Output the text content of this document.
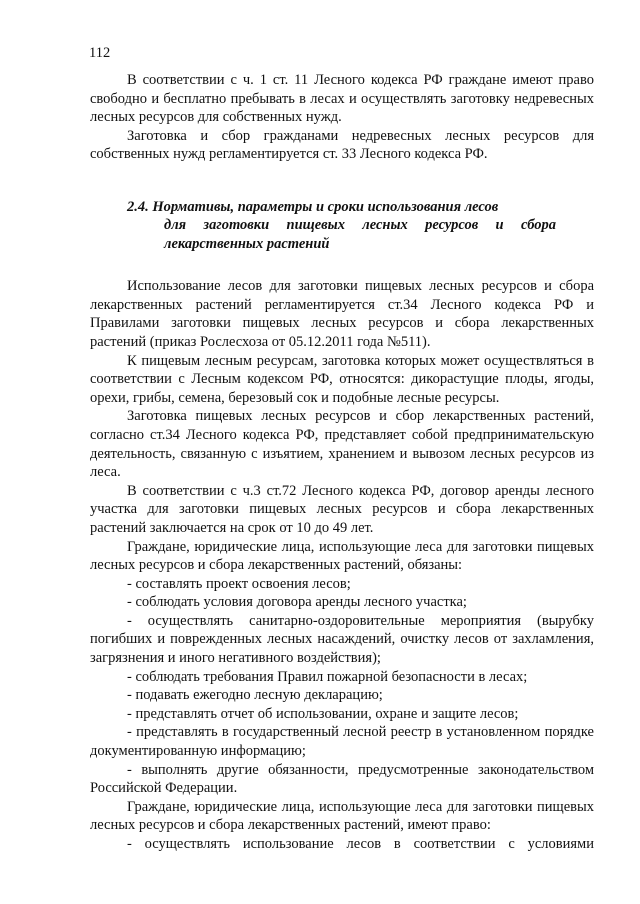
112

В соответствии с ч. 1 ст. 11 Лесного кодекса РФ граждане имеют право свободно и бесплатно пребывать в лесах и осуществлять заготовку недревесных лесных ресурсов для собственных нужд.

Заготовка и сбор гражданами недревесных лесных ресурсов для собственных нужд регламентируется ст. 33 Лесного кодекса РФ.

2.4. Нормативы, параметры и сроки использования лесов
для заготовки пищевых лесных ресурсов и сбора
лекарственных растений

Использование лесов для заготовки пищевых лесных ресурсов и сбора лекарственных растений регламентируется ст.34 Лесного кодекса РФ и Правилами заготовки пищевых лесных ресурсов и сбора лекарственных растений (приказ Рослесхоза от 05.12.2011 года №511).

К пищевым лесным ресурсам, заготовка которых может осуществляться в соответствии с Лесным кодексом РФ, относятся: дикорастущие плоды, ягоды, орехи, грибы, семена, березовый сок и подобные лесные ресурсы.

Заготовка пищевых лесных ресурсов и сбор лекарственных растений, согласно ст.34 Лесного кодекса РФ, представляет собой предпринимательскую деятельность, связанную с изъятием, хранением и вывозом лесных ресурсов из леса.

В соответствии с ч.3 ст.72 Лесного кодекса РФ, договор аренды лесного участка для заготовки пищевых лесных ресурсов и сбора лекарственных растений заключается на срок от 10 до 49 лет.

Граждане, юридические лица, использующие леса для заготовки пищевых лесных ресурсов и сбора лекарственных растений, обязаны:

- составлять проект освоения лесов;

- соблюдать условия договора аренды лесного участка;

- осуществлять санитарно-оздоровительные мероприятия (вырубку погибших и поврежденных лесных насаждений, очистку лесов от захламления, загрязнения и иного негативного воздействия);

- соблюдать требования Правил пожарной безопасности в лесах;

- подавать ежегодно лесную декларацию;

- представлять отчет об использовании, охране и защите лесов;

- представлять в государственный лесной реестр в установленном порядке документированную информацию;

- выполнять другие обязанности, предусмотренные законодательством Российской Федерации.

Граждане, юридические лица, использующие леса для заготовки пищевых лесных ресурсов и сбора лекарственных растений, имеют право:

- осуществлять использование лесов в соответствии с условиями
